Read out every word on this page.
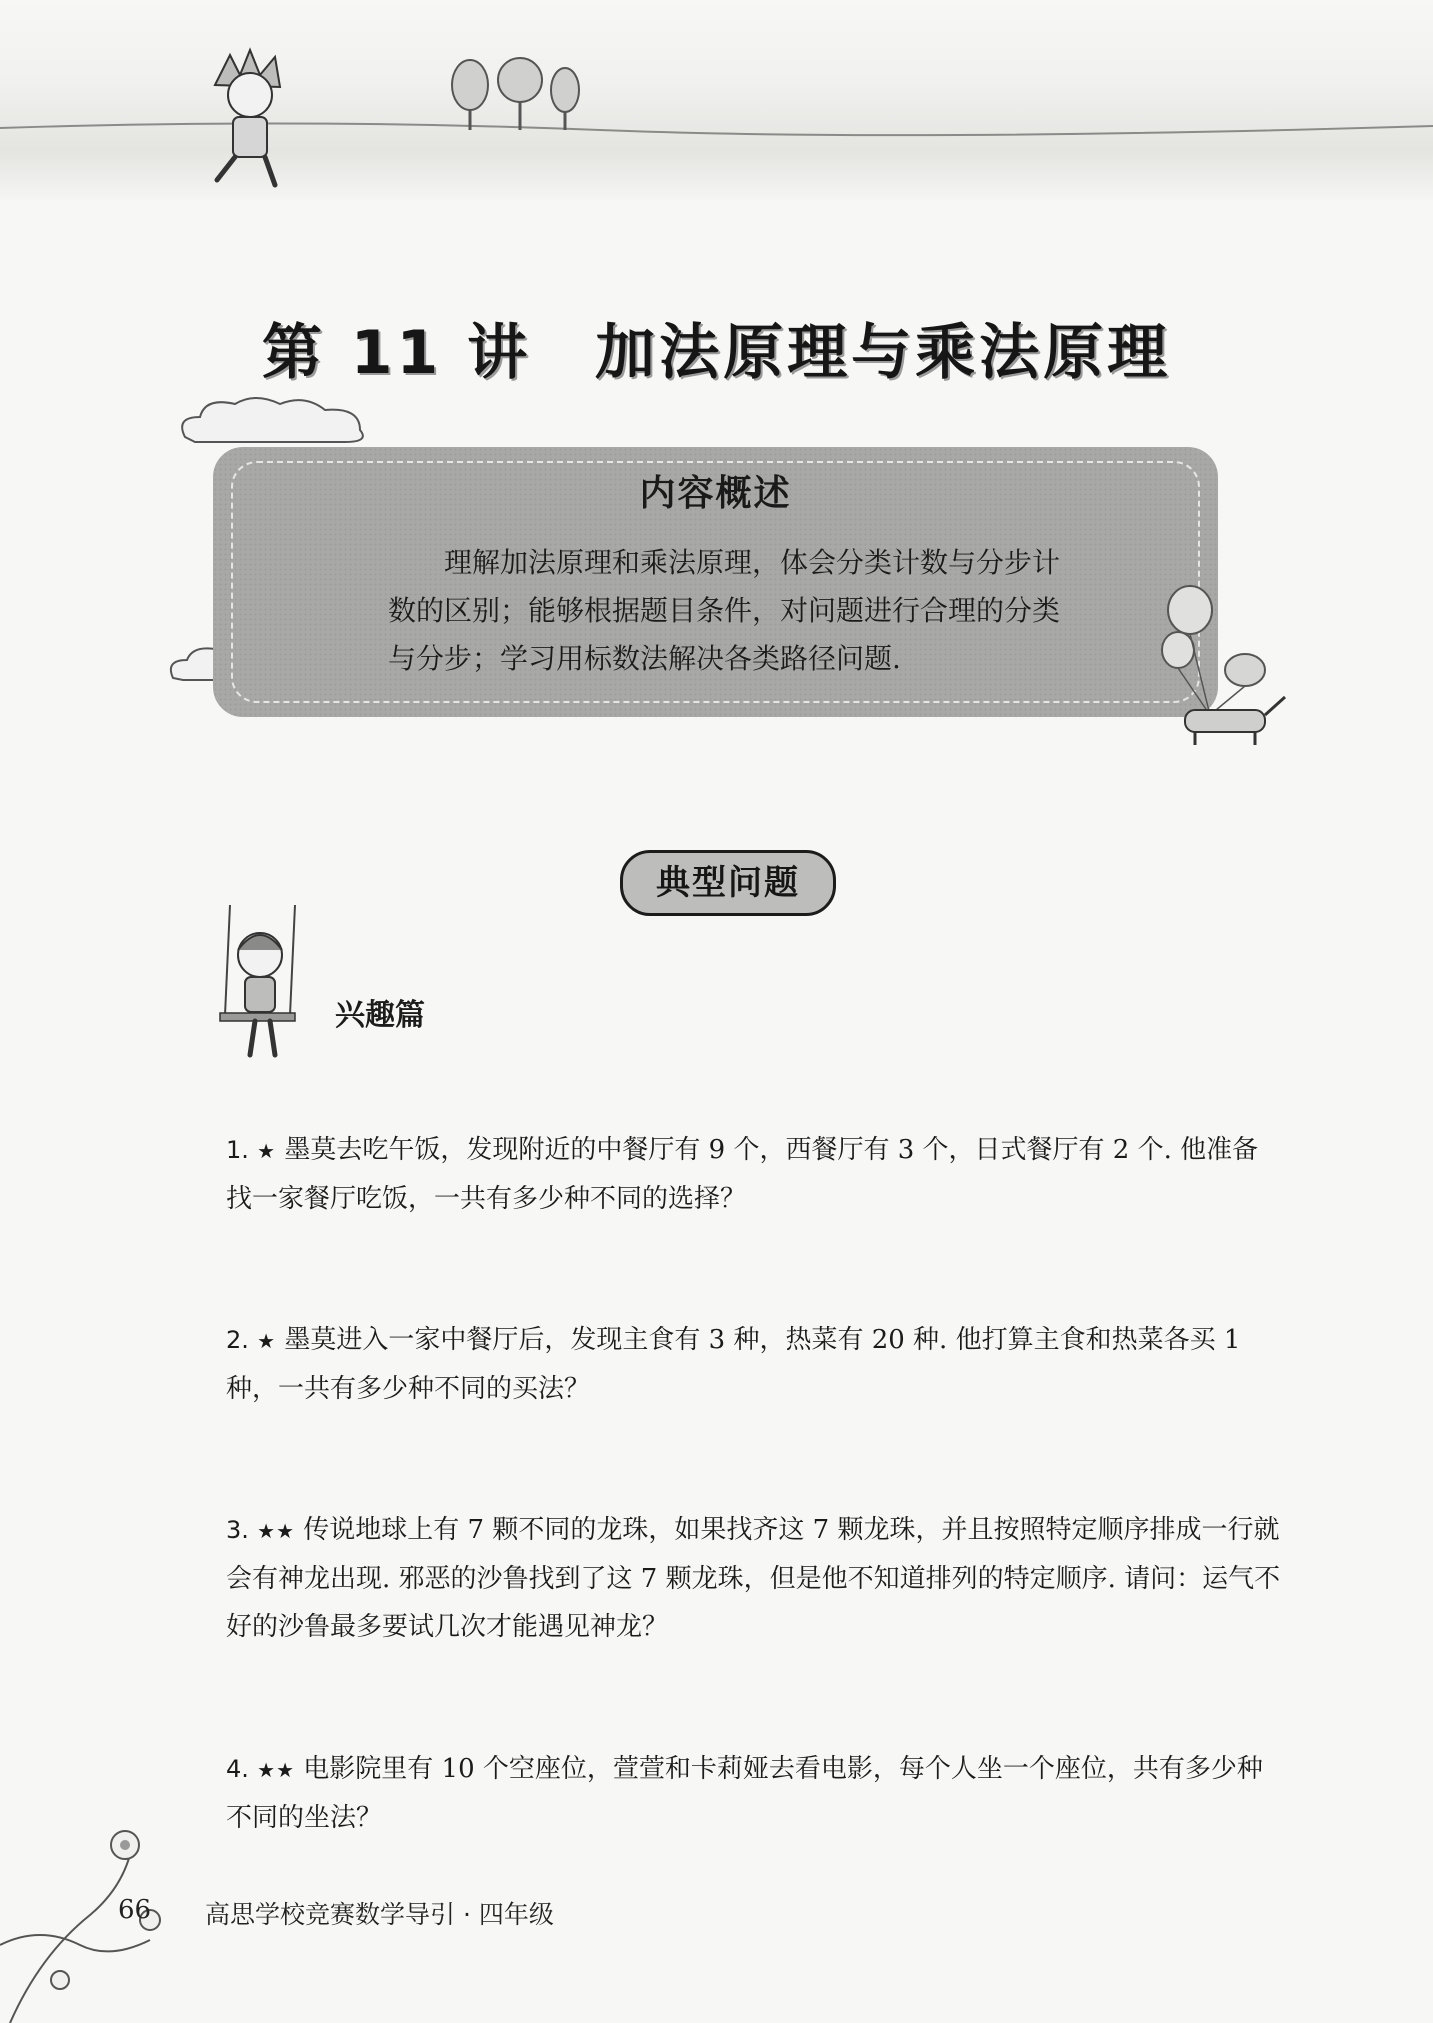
第 11 讲　加法原理与乘法原理
内容概述
理解加法原理和乘法原理，体会分类计数与分步计数的区别；能够根据题目条件，对问题进行合理的分类与分步；学习用标数法解决各类路径问题.
典型问题
兴趣篇
1. ★ 墨莫去吃午饭，发现附近的中餐厅有 9 个，西餐厅有 3 个，日式餐厅有 2 个. 他准备找一家餐厅吃饭，一共有多少种不同的选择？
2. ★ 墨莫进入一家中餐厅后，发现主食有 3 种，热菜有 20 种. 他打算主食和热菜各买 1 种，一共有多少种不同的买法？
3. ★★ 传说地球上有 7 颗不同的龙珠，如果找齐这 7 颗龙珠，并且按照特定顺序排成一行就会有神龙出现. 邪恶的沙鲁找到了这 7 颗龙珠，但是他不知道排列的特定顺序. 请问：运气不好的沙鲁最多要试几次才能遇见神龙？
4. ★★ 电影院里有 10 个空座位，萱萱和卡莉娅去看电影，每个人坐一个座位，共有多少种不同的坐法？
66 高思学校竞赛数学导引 · 四年级
